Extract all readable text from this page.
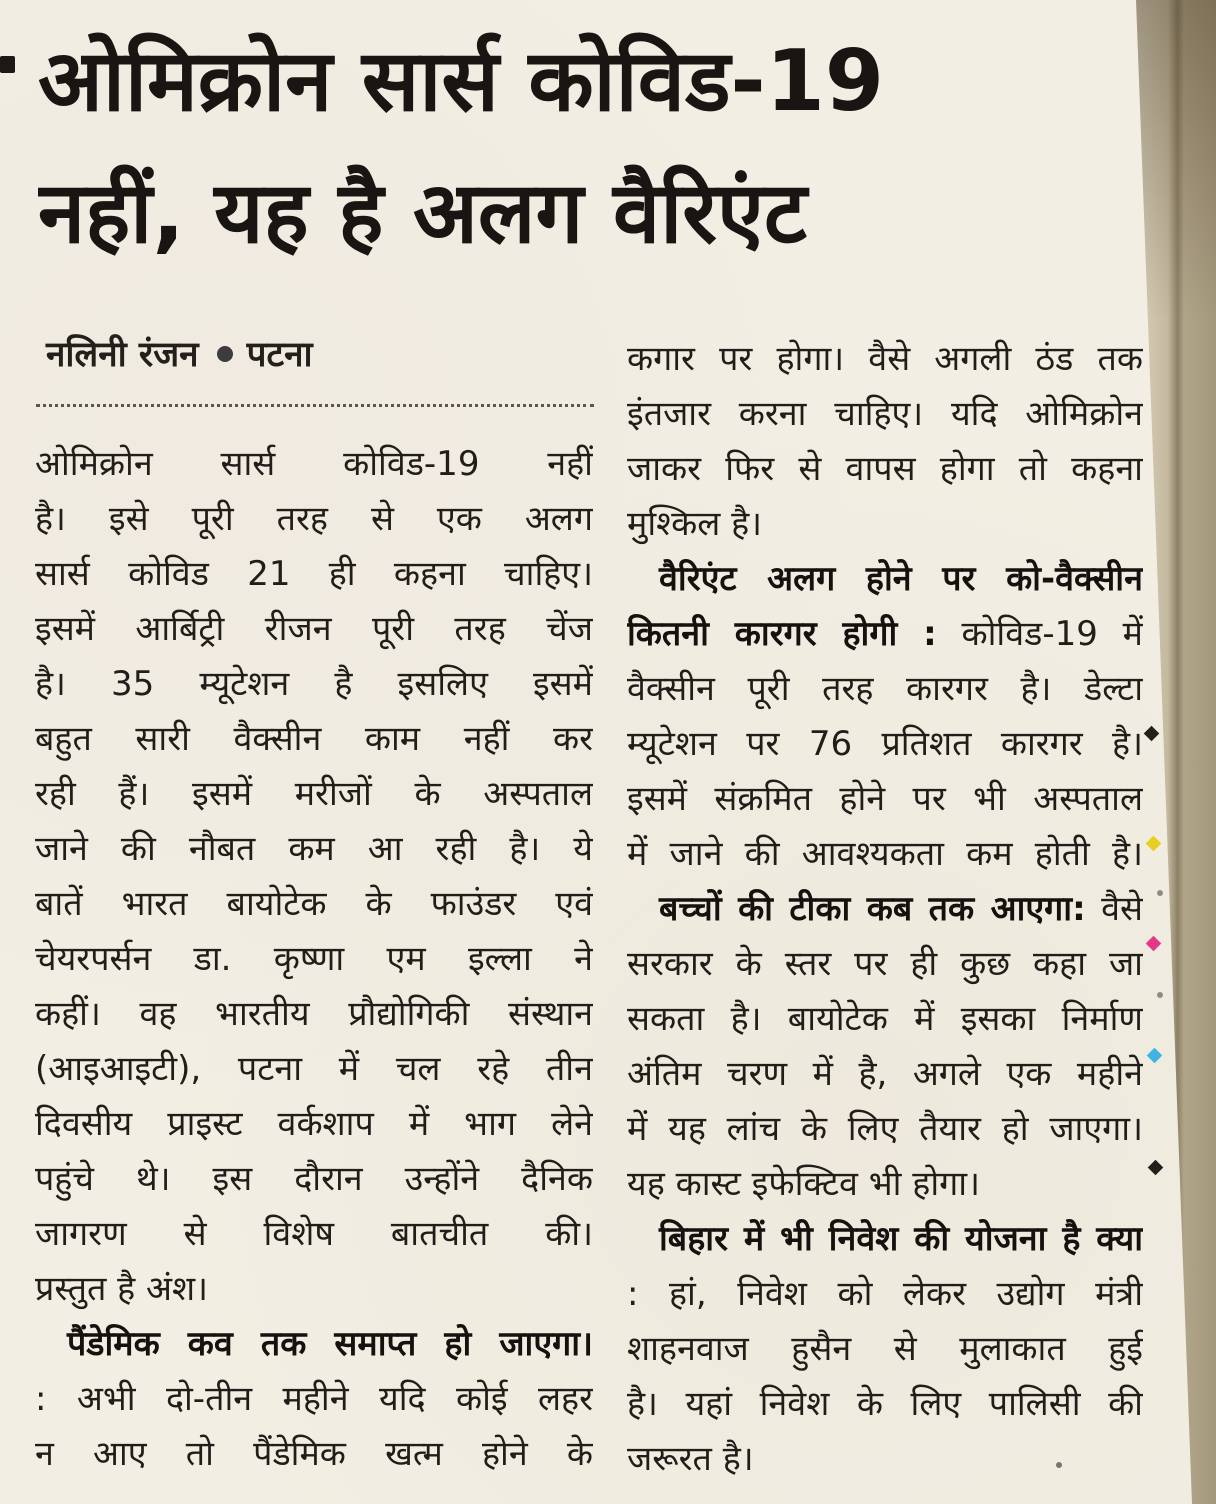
ओमिक्रोन सार्स कोविड-19
नहीं, यह है अलग वैरिएंट
नलिनी रंजन पटना
ओमिक्रोन सार्स कोविड-19 नहीं
है। इसे पूरी तरह से एक अलग
सार्स कोविड 21 ही कहना चाहिए।
इसमें आर्बिट्री रीजन पूरी तरह चेंज
है। 35 म्यूटेशन है इसलिए इसमें
बहुत सारी वैक्सीन काम नहीं कर
रही हैं। इसमें मरीजों के अस्पताल
जाने की नौबत कम आ रही है। ये
बातें भारत बायोटेक के फाउंडर एवं
चेयरपर्सन डा. कृष्णा एम इल्ला ने
कहीं। वह भारतीय प्रौद्योगिकी संस्थान
(आइआइटी), पटना में चल रहे तीन
दिवसीय प्राइस्ट वर्कशाप में भाग लेने
पहुंचे थे। इस दौरान उन्होंने दैनिक
जागरण से विशेष बातचीत की।
प्रस्तुत है अंश।
पैंडेमिक कव तक समाप्त हो जाएगा।
: अभी दो-तीन महीने यदि कोई लहर
न आए तो पैंडेमिक खत्म होने के
कगार पर होगा। वैसे अगली ठंड तक
इंतजार करना चाहिए। यदि ओमिक्रोन
जाकर फिर से वापस होगा तो कहना
मुश्किल है।
वैरिएंट अलग होने पर को-वैक्सीन
कितनी कारगर होगी : कोविड-19 में
वैक्सीन पूरी तरह कारगर है। डेल्टा
म्यूटेशन पर 76 प्रतिशत कारगर है।
इसमें संक्रमित होने पर भी अस्पताल
में जाने की आवश्यकता कम होती है।
बच्चों की टीका कब तक आएगा: वैसे
सरकार के स्तर पर ही कुछ कहा जा
सकता है। बायोटेक में इसका निर्माण
अंतिम चरण में है, अगले एक महीने
में यह लांच के लिए तैयार हो जाएगा।
यह कास्ट इफेक्टिव भी होगा।
बिहार में भी निवेश की योजना है क्या
: हां, निवेश को लेकर उद्योग मंत्री
शाहनवाज हुसैन से मुलाकात हुई
है। यहां निवेश के लिए पालिसी की
जरूरत है।
